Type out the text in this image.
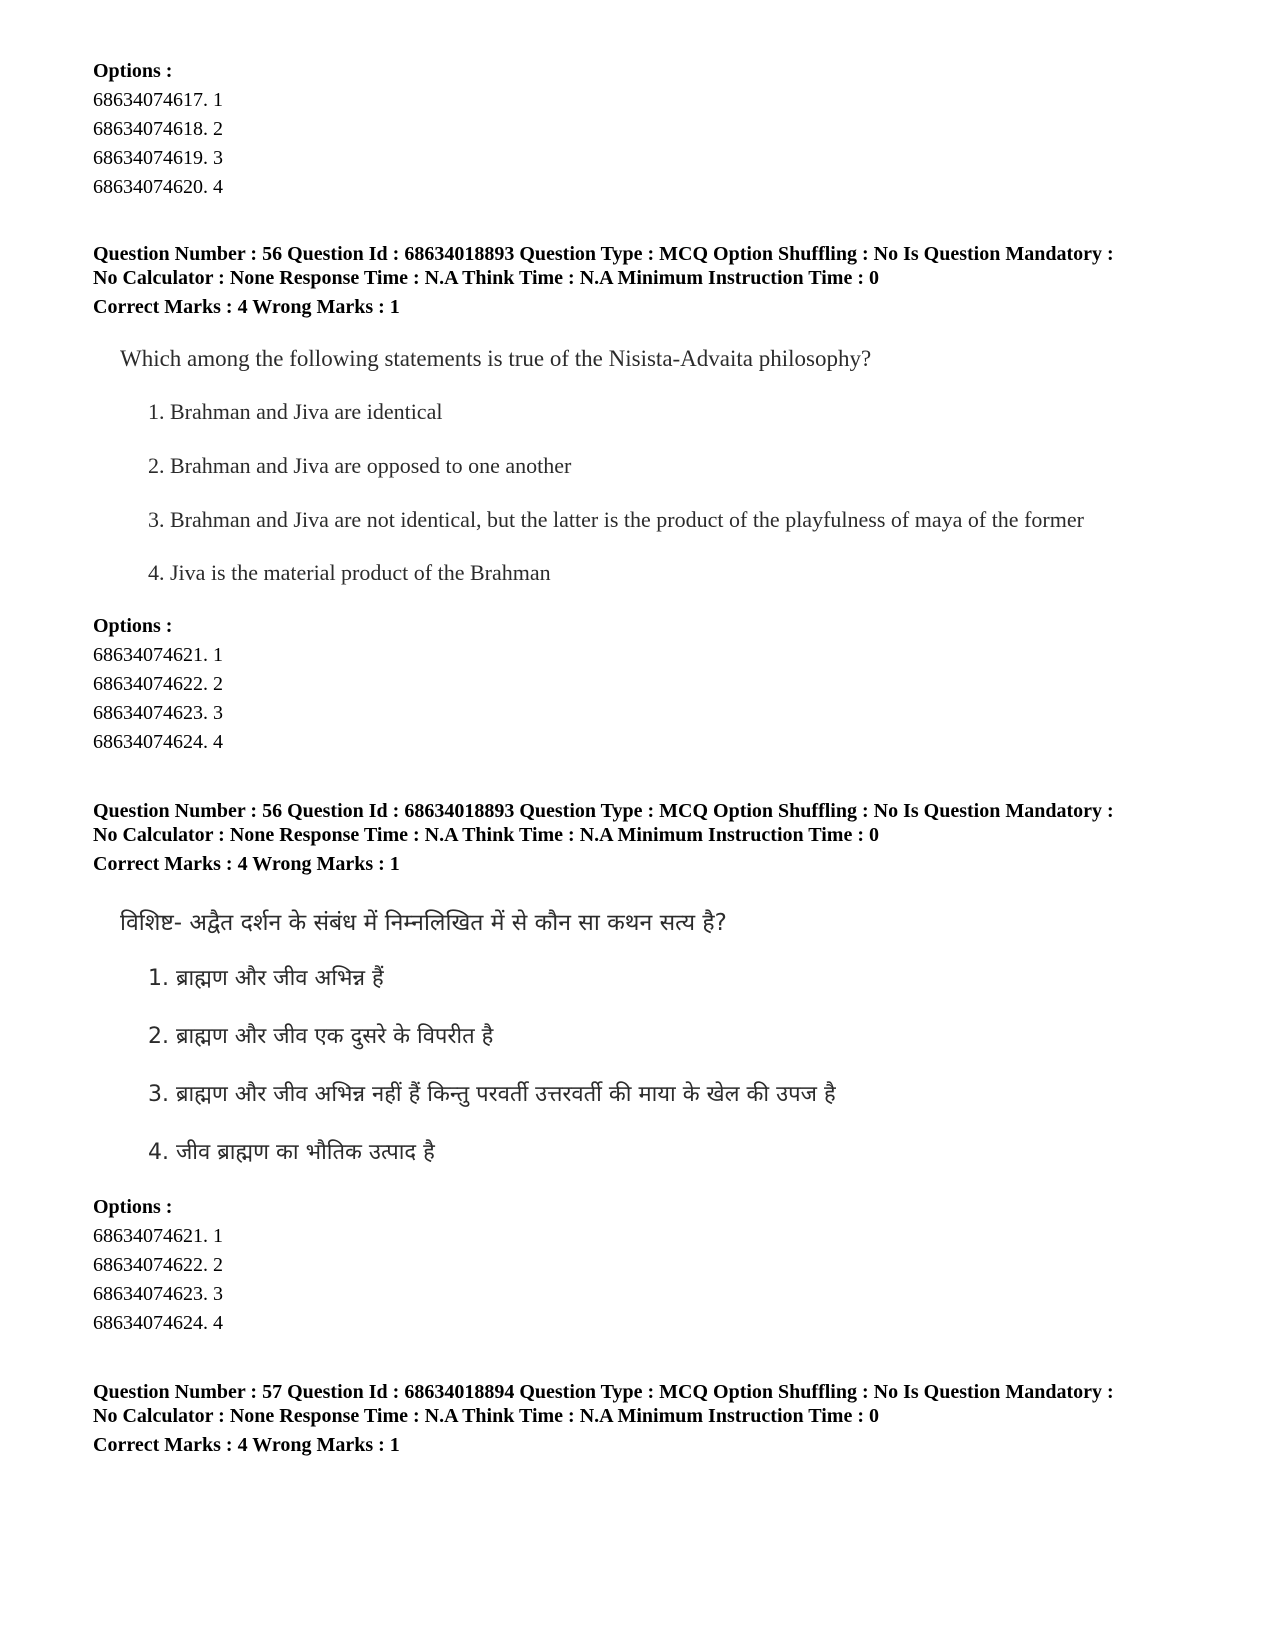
Options :
68634074617. 1
68634074618. 2
68634074619. 3
68634074620. 4
Question Number : 56 Question Id : 68634018893 Question Type : MCQ Option Shuffling : No Is Question Mandatory :
No Calculator : None Response Time : N.A Think Time : N.A Minimum Instruction Time : 0
Correct Marks : 4 Wrong Marks : 1
Which among the following statements is true of the Nisista-Advaita philosophy?
1. Brahman and Jiva are identical
2. Brahman and Jiva are opposed to one another
3. Brahman and Jiva are not identical, but the latter is the product of the playfulness of maya of the former
4. Jiva is the material product of the Brahman
Options :
68634074621. 1
68634074622. 2
68634074623. 3
68634074624. 4
Question Number : 56 Question Id : 68634018893 Question Type : MCQ Option Shuffling : No Is Question Mandatory :
No Calculator : None Response Time : N.A Think Time : N.A Minimum Instruction Time : 0
Correct Marks : 4 Wrong Marks : 1
विशिष्ट- अद्वैत दर्शन के संबंध में निम्नलिखित में से कौन सा कथन सत्य है?
1. ब्राह्मण और जीव अभिन्न हैं
2. ब्राह्मण और जीव एक दुसरे के विपरीत है
3. ब्राह्मण और जीव अभिन्न नहीं हैं किन्तु परवर्ती उत्तरवर्ती की माया के खेल की उपज है
4. जीव ब्राह्मण का भौतिक उत्पाद है
Options :
68634074621. 1
68634074622. 2
68634074623. 3
68634074624. 4
Question Number : 57 Question Id : 68634018894 Question Type : MCQ Option Shuffling : No Is Question Mandatory :
No Calculator : None Response Time : N.A Think Time : N.A Minimum Instruction Time : 0
Correct Marks : 4 Wrong Marks : 1
